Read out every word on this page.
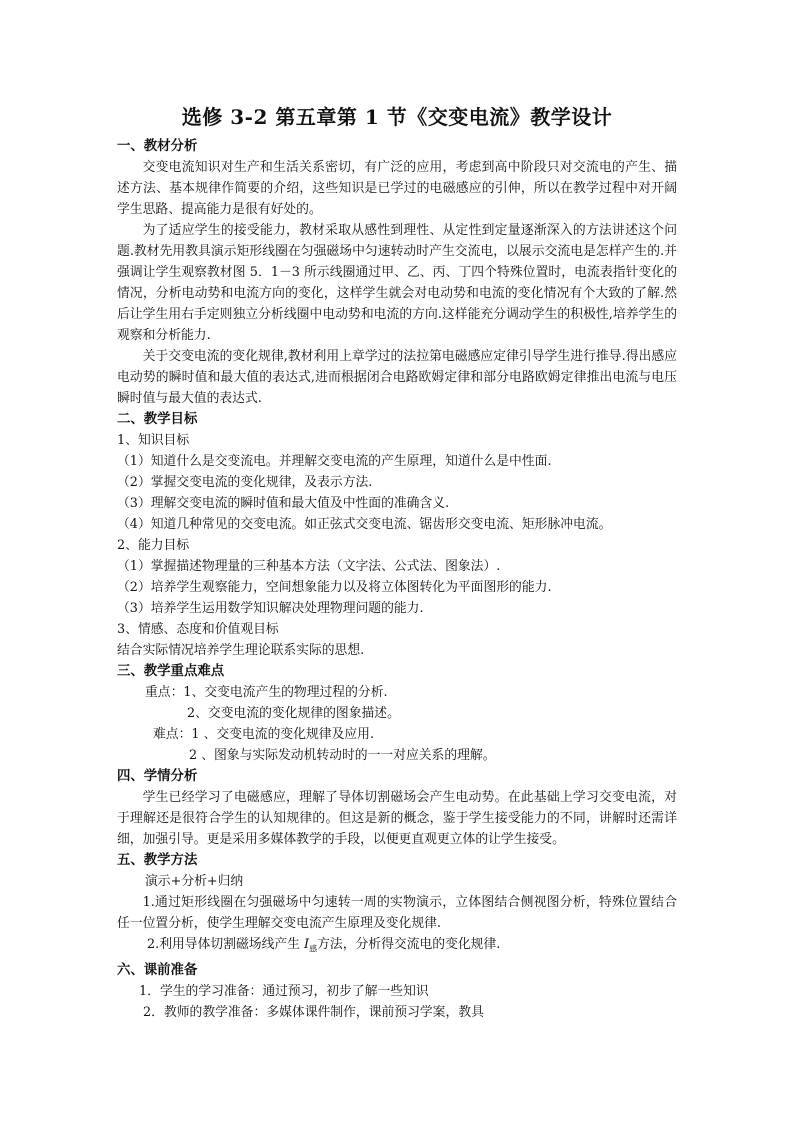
选修 3-2 第五章第 1 节《交变电流》教学设计
一、教材分析

交变电流知识对生产和生活关系密切，有广泛的应用，考虑到高中阶段只对交流电的产生、描述方法、基本规律作简要的介绍，这些知识是已学过的电磁感应的引伸，所以在教学过程中对开阔学生思路、提高能力是很有好处的。

为了适应学生的接受能力，教材采取从感性到理性、从定性到定量逐渐深入的方法讲述这个问题.教材先用教具演示矩形线圈在匀强磁场中匀速转动时产生交流电，以展示交流电是怎样产生的.并强调让学生观察教材图 5．1－3 所示线圈通过甲、乙、丙、丁四个特殊位置时，电流表指针变化的情况，分析电动势和电流方向的变化，这样学生就会对电动势和电流的变化情况有个大致的了解.然后让学生用右手定则独立分析线圈中电动势和电流的方向.这样能充分调动学生的积极性,培养学生的观察和分析能力.

关于交变电流的变化规律,教材利用上章学过的法拉第电磁感应定律引导学生进行推导.得出感应电动势的瞬时值和最大值的表达式,进而根据闭合电路欧姆定律和部分电路欧姆定律推出电流与电压瞬时值与最大值的表达式.

二、教学目标
1、知识目标
（1）知道什么是交变流电。并理解交变电流的产生原理，知道什么是中性面.
（2）掌握交变电流的变化规律，及表示方法.
（3）理解交变电流的瞬时值和最大值及中性面的准确含义.
（4）知道几种常见的交变电流。如正弦式交变电流、锯齿形交变电流、矩形脉冲电流。
2、能力目标
（1）掌握描述物理量的三种基本方法（文字法、公式法、图象法）.
（2）培养学生观察能力，空间想象能力以及将立体图转化为平面图形的能力.
（3）培养学生运用数学知识解决处理物理问题的能力.
3、情感、态度和价值观目标
结合实际情况培养学生理论联系实际的思想.
三、教学重点难点
重点：1、交变电流产生的物理过程的分析.
2、交变电流的变化规律的图象描述。
难点：1 、交变电流的变化规律及应用.
2 、图象与实际发动机转动时的一一对应关系的理解。
四、学情分析

学生已经学习了电磁感应，理解了导体切割磁场会产生电动势。在此基础上学习交变电流，对于理解还是很符合学生的认知规律的。但这是新的概念，鉴于学生接受能力的不同，讲解时还需详细，加强引导。更是采用多媒体教学的手段，以便更直观更立体的让学生接受。

五、教学方法
演示+分析+归纳

1.通过矩形线圈在匀强磁场中匀速转一周的实物演示，立体图结合侧视图分析，特殊位置结合任一位置分析，使学生理解交变电流产生原理及变化规律.

2.利用导体切割磁场线产生 $I_感$方法，分析得交流电的变化规律.
六、课前准备
1．学生的学习准备：通过预习，初步了解一些知识
2．教师的教学准备：多媒体课件制作，课前预习学案，教具
